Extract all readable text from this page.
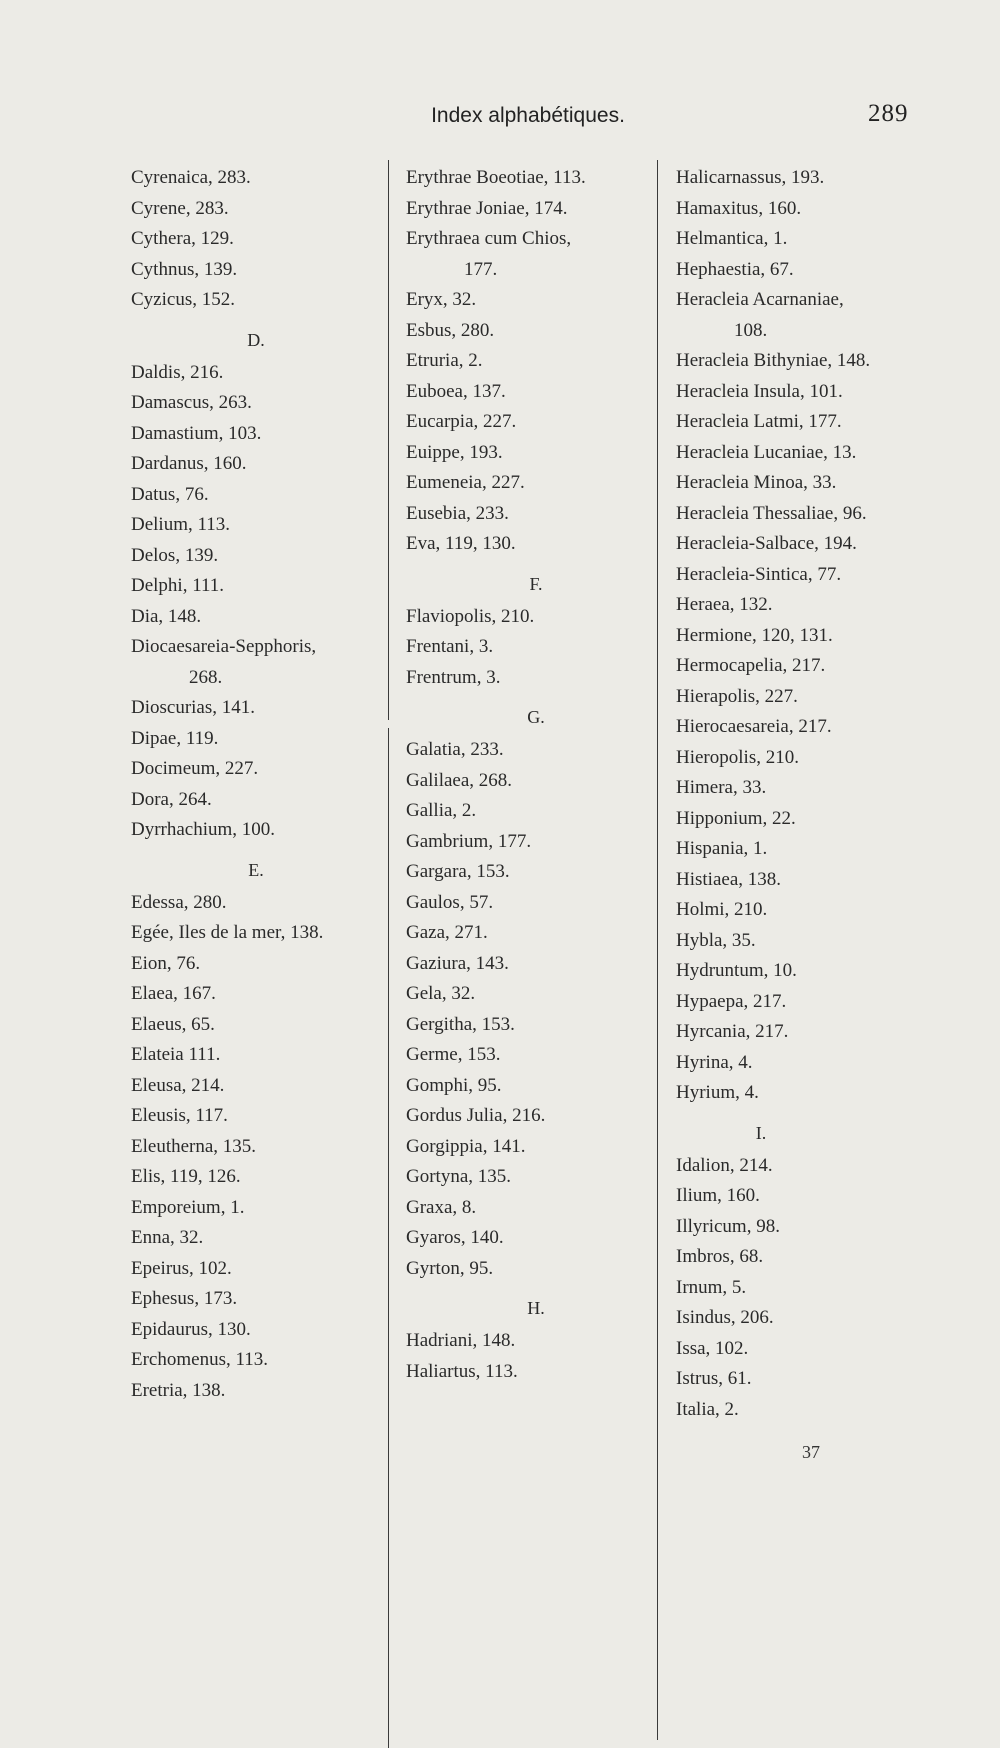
Index alphabétiques.	289
Cyrenaica, 283.
Cyrene, 283.
Cythera, 129.
Cythnus, 139.
Cyzicus, 152.
D.
Daldis, 216.
Damascus, 263.
Damastium, 103.
Dardanus, 160.
Datus, 76.
Delium, 113.
Delos, 139.
Delphi, 111.
Dia, 148.
Diocaesareia-Sepphoris,
268.
Dioscurias, 141.
Dipae, 119.
Docimeum, 227.
Dora, 264.
Dyrrhachium, 100.
E.
Edessa, 280.
Egée, Iles de la mer, 138.
Eion, 76.
Elaea, 167.
Elaeus, 65.
Elateia 111.
Eleusa, 214.
Eleusis, 117.
Eleutherna, 135.
Elis, 119, 126.
Emporeium, 1.
Enna, 32.
Epeirus, 102.
Ephesus, 173.
Epidaurus, 130.
Erchomenus, 113.
Eretria, 138.
Erythrae Boeotiae, 113.
Erythrae Joniae, 174.
Erythraea cum Chios,
177.
Eryx, 32.
Esbus, 280.
Etruria, 2.
Euboea, 137.
Eucarpia, 227.
Euippe, 193.
Eumeneia, 227.
Eusebia, 233.
Eva, 119, 130.
F.
Flaviopolis, 210.
Frentani, 3.
Frentrum, 3.
G.
Galatia, 233.
Galilaea, 268.
Gallia, 2.
Gambrium, 177.
Gargara, 153.
Gaulos, 57.
Gaza, 271.
Gaziura, 143.
Gela, 32.
Gergitha, 153.
Germe, 153.
Gomphi, 95.
Gordus Julia, 216.
Gorgippia, 141.
Gortyna, 135.
Graxa, 8.
Gyaros, 140.
Gyrton, 95.
H.
Hadriani, 148.
Haliartus, 113.
Halicarnassus, 193.
Hamaxitus, 160.
Helmantica, 1.
Hephaestia, 67.
Heracleia Acarnaniae,
108.
Heracleia Bithyniae, 148.
Heracleia Insula, 101.
Heracleia Latmi, 177.
Heracleia Lucaniae, 13.
Heracleia Minoa, 33.
Heracleia Thessaliae, 96.
Heracleia-Salbace, 194.
Heracleia-Sintica, 77.
Heraea, 132.
Hermione, 120, 131.
Hermocapelia, 217.
Hierapolis, 227.
Hierocaesareia, 217.
Hieropolis, 210.
Himera, 33.
Hipponium, 22.
Hispania, 1.
Histiaea, 138.
Holmi, 210.
Hybla, 35.
Hydruntum, 10.
Hypaepa, 217.
Hyrcania, 217.
Hyrina, 4.
Hyrium, 4.
I.
Idalion, 214.
Ilium, 160.
Illyricum, 98.
Imbros, 68.
Irnum, 5.
Isindus, 206.
Issa, 102.
Istrus, 61.
Italia, 2.
37
